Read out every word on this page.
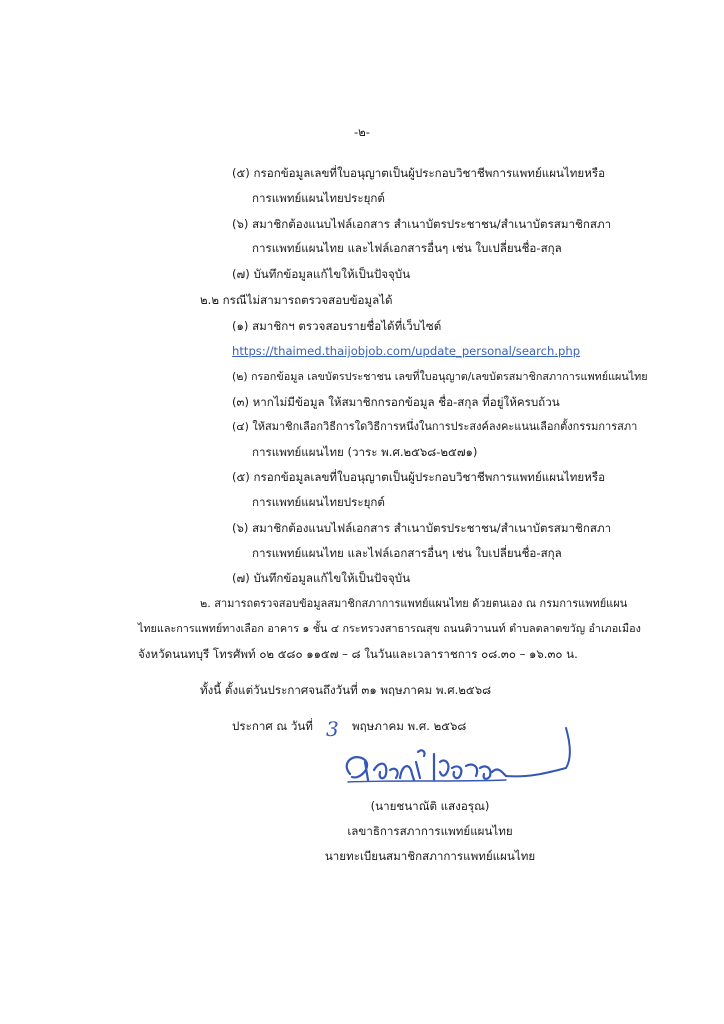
-๒-
(๕) กรอกข้อมูลเลขที่ใบอนุญาตเป็นผู้ประกอบวิชาชีพการแพทย์แผนไทยหรือ
การแพทย์แผนไทยประยุกต์
(๖) สมาชิกต้องแนบไฟล์เอกสาร สำเนาบัตรประชาชน/สำเนาบัตรสมาชิกสภา
การแพทย์แผนไทย และไฟล์เอกสารอื่นๆ เช่น ใบเปลี่ยนชื่อ-สกุล
(๗) บันทึกข้อมูลแก้ไขให้เป็นปัจจุบัน
๒.๒ กรณีไม่สามารถตรวจสอบข้อมูลได้
(๑) สมาชิกฯ ตรวจสอบรายชื่อได้ที่เว็บไซต์
https://thaimed.thaijobjob.com/update_personal/search.php
(๒) กรอกข้อมูล เลขบัตรประชาชน เลขที่ใบอนุญาต/เลขบัตรสมาชิกสภาการแพทย์แผนไทย
(๓) หากไม่มีข้อมูล ให้สมาชิกกรอกข้อมูล ชื่อ-สกุล ที่อยู่ให้ครบถ้วน
(๔) ให้สมาชิกเลือกวิธีการใดวิธีการหนึ่งในการประสงค์ลงคะแนนเลือกตั้งกรรมการสภา
การแพทย์แผนไทย (วาระ พ.ศ.๒๕๖๘-๒๕๗๑)
(๕) กรอกข้อมูลเลขที่ใบอนุญาตเป็นผู้ประกอบวิชาชีพการแพทย์แผนไทยหรือ
การแพทย์แผนไทยประยุกต์
(๖) สมาชิกต้องแนบไฟล์เอกสาร สำเนาบัตรประชาชน/สำเนาบัตรสมาชิกสภา
การแพทย์แผนไทย และไฟล์เอกสารอื่นๆ เช่น ใบเปลี่ยนชื่อ-สกุล
(๗) บันทึกข้อมูลแก้ไขให้เป็นปัจจุบัน
๒. สามารถตรวจสอบข้อมูลสมาชิกสภาการแพทย์แผนไทย ด้วยตนเอง ณ กรมการแพทย์แผน
ไทยและการแพทย์ทางเลือก อาคาร ๑ ชั้น ๔ กระทรวงสาธารณสุข ถนนติวานนท์ ตำบลตลาดขวัญ อำเภอเมือง
จังหวัดนนทบุรี โทรศัพท์ ๐๒ ๕๘๐ ๑๑๕๗ – ๘ ในวันและเวลาราชการ ๐๘.๓๐ – ๑๖.๓๐ น.
ทั้งนี้ ตั้งแต่วันประกาศจนถึงวันที่ ๓๑ พฤษภาคม พ.ศ.๒๕๖๘
ประกาศ ณ วันที่ 3 พฤษภาคม พ.ศ. ๒๕๖๘
(นายชนาณัติ แสงอรุณ)
เลขาธิการสภาการแพทย์แผนไทย
นายทะเบียนสมาชิกสภาการแพทย์แผนไทย
